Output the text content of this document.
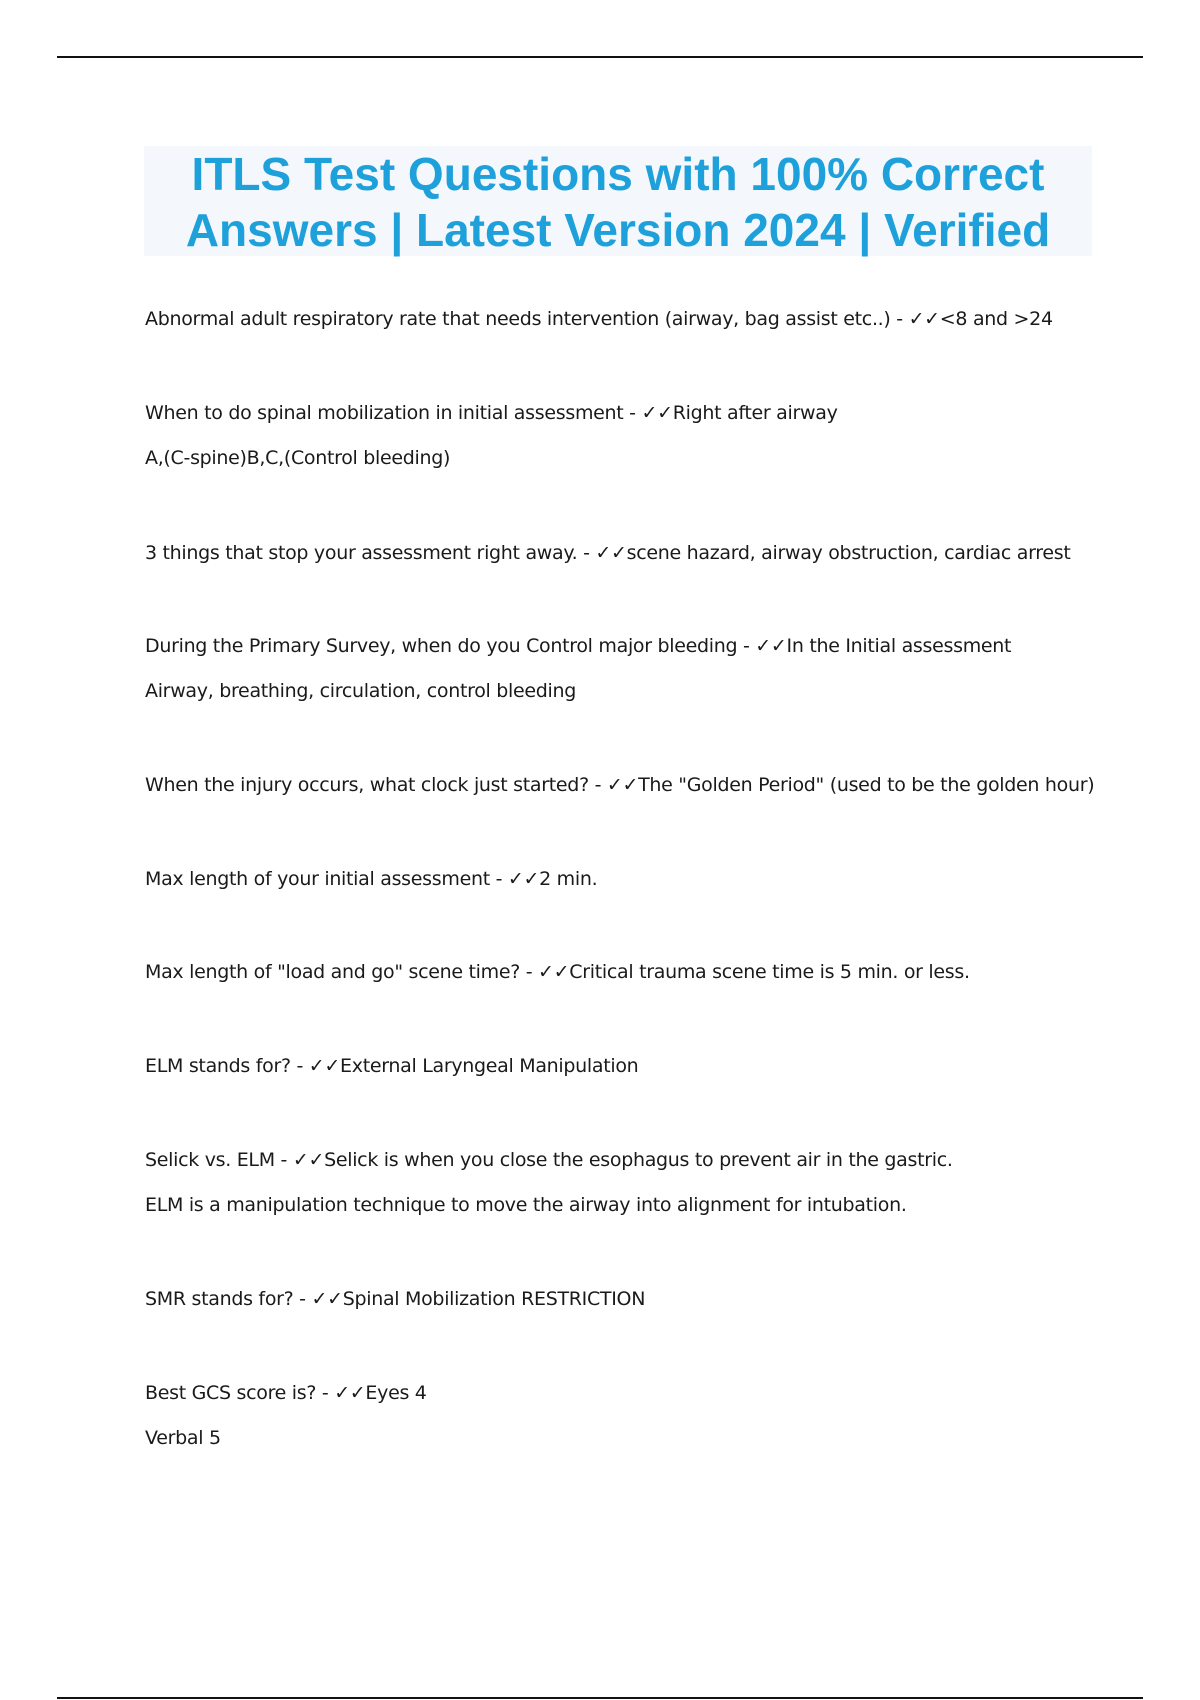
ITLS Test Questions with 100% Correct
Answers | Latest Version 2024 | Verified
Abnormal adult respiratory rate that needs intervention (airway, bag assist etc..) - ✓✓<8 and >24
When to do spinal mobilization in initial assessment - ✓✓Right after airway
A,(C-spine)B,C,(Control bleeding)
3 things that stop your assessment right away. - ✓✓scene hazard, airway obstruction, cardiac arrest
During the Primary Survey, when do you Control major bleeding - ✓✓In the Initial assessment
Airway, breathing, circulation, control bleeding
When the injury occurs, what clock just started? - ✓✓The "Golden Period" (used to be the golden hour)
Max length of your initial assessment - ✓✓2 min.
Max length of "load and go" scene time? - ✓✓Critical trauma scene time is 5 min. or less.
ELM stands for? - ✓✓External Laryngeal Manipulation
Selick vs. ELM - ✓✓Selick is when you close the esophagus to prevent air in the gastric.
ELM is a manipulation technique to move the airway into alignment for intubation.
SMR stands for? - ✓✓Spinal Mobilization RESTRICTION
Best GCS score is? - ✓✓Eyes 4
Verbal 5
